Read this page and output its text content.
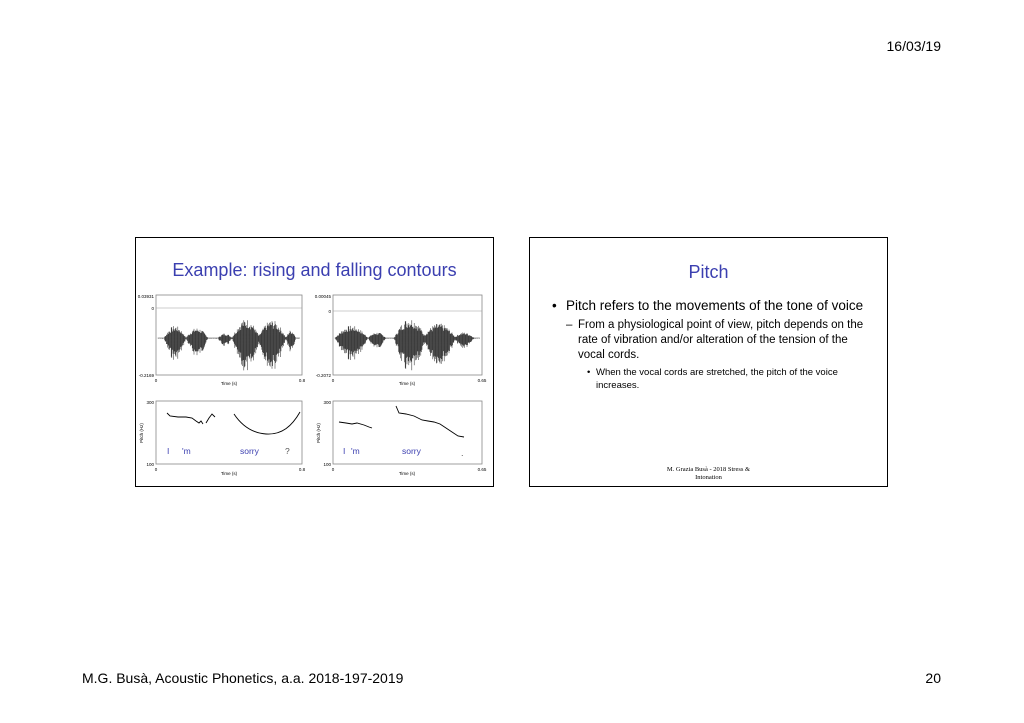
16/03/19
Example: rising and falling contours
0.03931
0
-0.2169
0	0.8
Time (s)
300
100
Pitch (Hz)
0	0.8
Time (s)
I 'm	sorry	?
0.00045
0
-0.2072
0	0.65
Time (s)
300
100
Pitch (Hz)
0	0.65
Time (s)
I 'm	sorry	.
Pitch
• Pitch refers to the movements of the tone of voice
– From a physiological point of view, pitch depends on the rate of vibration and/or alteration of the tension of the vocal cords.
• When the vocal cords are stretched, the pitch of the voice increases.
M. Grazia Busà - 2018 Stress &
Intonation
M.G. Busà, Acoustic Phonetics, a.a. 2018-197-2019	20
